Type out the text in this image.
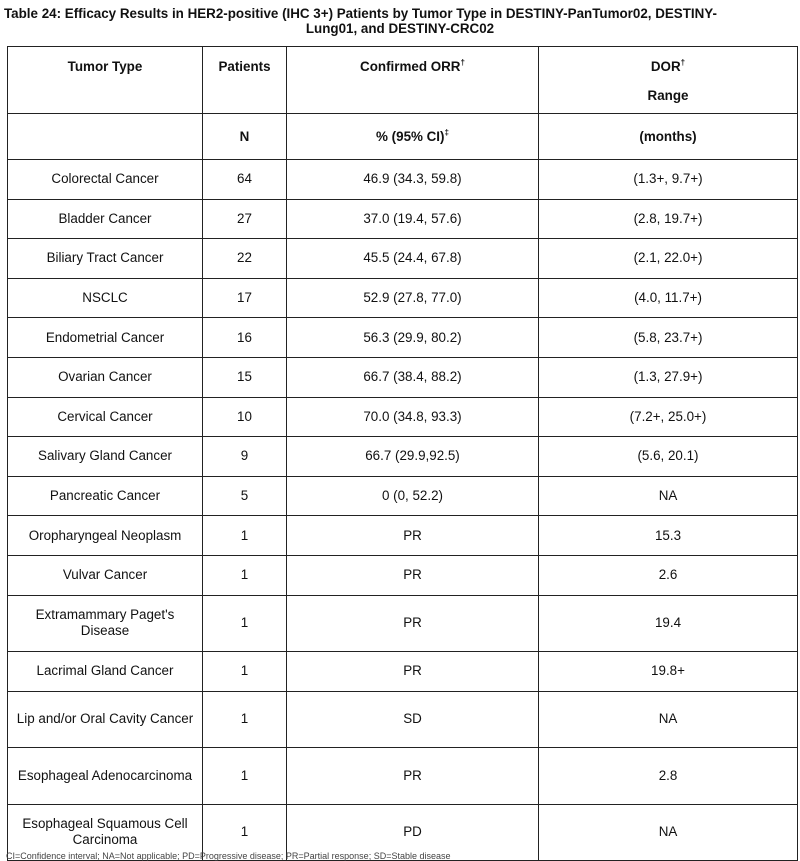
Table 24: Efficacy Results in HER2-positive (IHC 3+) Patients by Tumor Type in DESTINY-PanTumor02, DESTINY-
Lung01, and DESTINY-CRC02
Tumor Type	Patients	Confirmed ORR†	DOR†
Range

	N	% (95% CI)‡	(months)
Colorectal Cancer	64	46.9 (34.3, 59.8)	(1.3+, 9.7+)
Bladder Cancer	27	37.0 (19.4, 57.6)	(2.8, 19.7+)
Biliary Tract Cancer	22	45.5 (24.4, 67.8)	(2.1, 22.0+)
NSCLC	17	52.9 (27.8, 77.0)	(4.0, 11.7+)
Endometrial Cancer	16	56.3 (29.9, 80.2)	(5.8, 23.7+)
Ovarian Cancer	15	66.7 (38.4, 88.2)	(1.3, 27.9+)
Cervical Cancer	10	70.0 (34.8, 93.3)	(7.2+, 25.0+)
Salivary Gland Cancer	9	66.7 (29.9,92.5)	(5.6, 20.1)
Pancreatic Cancer	5	0 (0, 52.2)	NA
Oropharyngeal Neoplasm	1	PR	15.3
Vulvar Cancer	1	PR	2.6
Extramammary Paget's Disease	1	PR	19.4
Lacrimal Gland Cancer	1	PR	19.8+
Lip and/or Oral Cavity Cancer	1	SD	NA
Esophageal Adenocarcinoma	1	PR	2.8
Esophageal Squamous Cell Carcinoma	1	PD	NA
CI=Confidence interval; NA=Not applicable; PD=Progressive disease; PR=Partial response; SD=Stable disease
